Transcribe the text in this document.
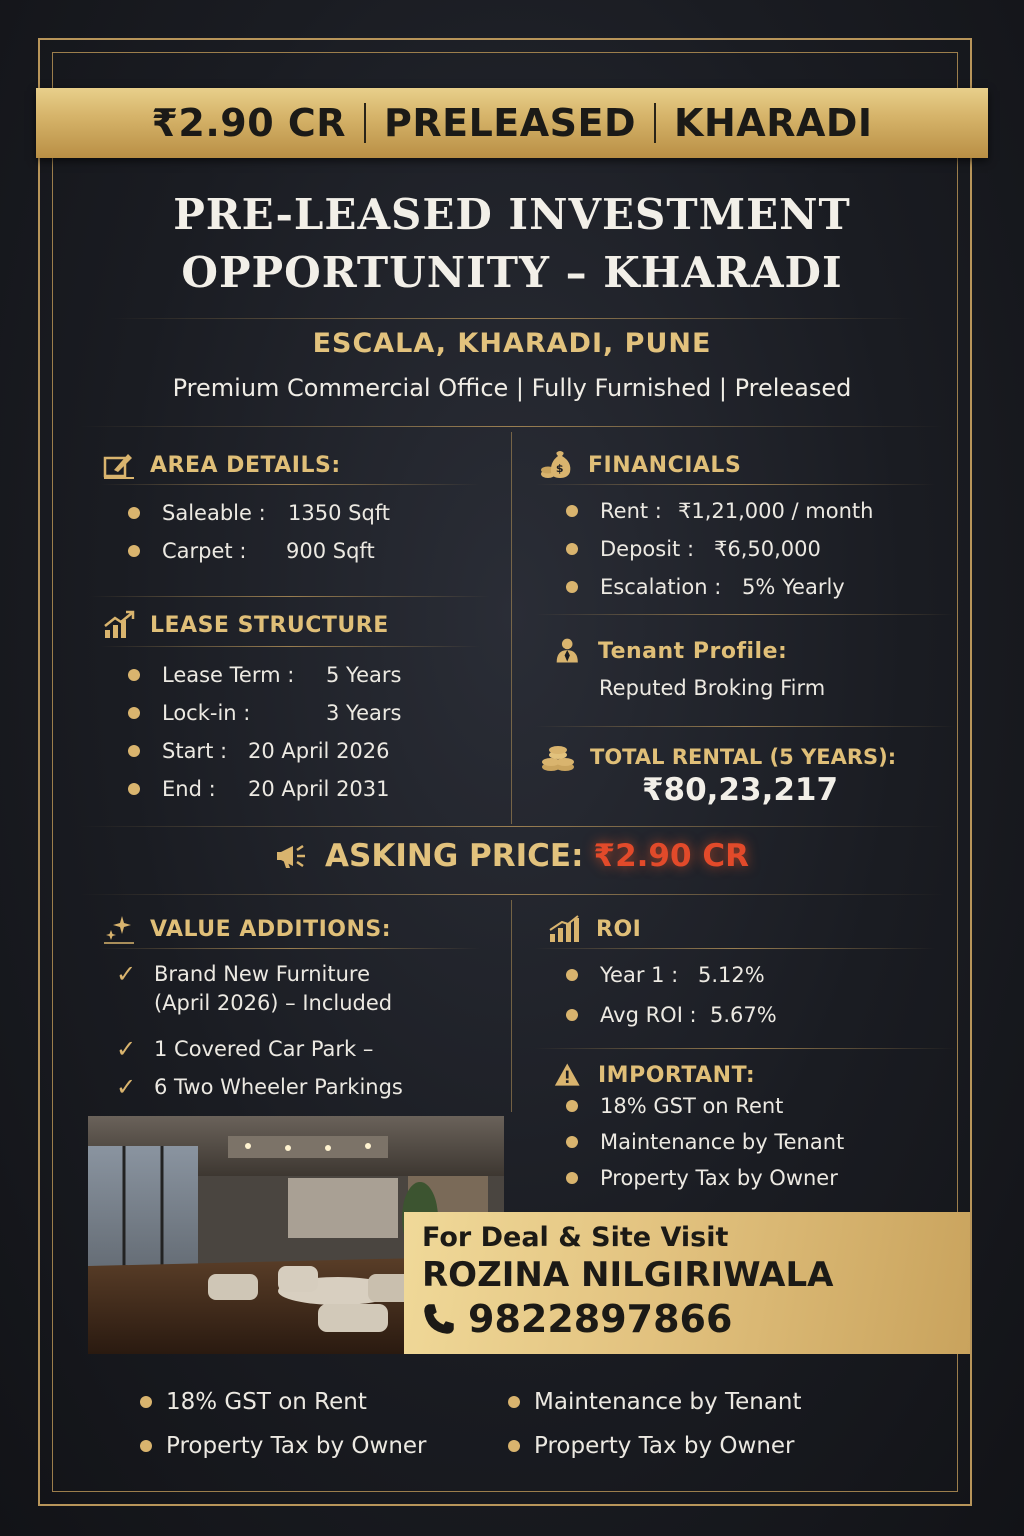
₹2.90 CR PRELEASED KHARADI
PRE-LEASED INVESTMENT
OPPORTUNITY – KHARADI
ESCALA, KHARADI, PUNE
Premium Commercial Office | Fully Furnished | Preleased
AREA DETAILS:
Saleable :	1350 Sqft
Carpet :	900 Sqft
LEASE STRUCTURE
Lease Term :	5 Years
Lock-in :	3 Years
Start : 20 April 2026
End :	20 April 2031
$ FINANCIALS
Rent : ₹1,21,000 / month
Deposit : ₹6,50,000
Escalation : 5% Yearly
Tenant Profile:
Reputed Broking Firm
TOTAL RENTAL (5 YEARS):
₹80,23,217
ASKING PRICE: ₹2.90 CR
VALUE ADDITIONS:
✓ Brand New Furniture
(April 2026) – Included
✓ 1 Covered Car Park –
✓ 6 Two Wheeler Parkings
ROI
Year 1 : 5.12%
Avg ROI : 5.67%
IMPORTANT:
18% GST on Rent
Maintenance by Tenant
Property Tax by Owner
For Deal & Site Visit
ROZINA NILGIRIWALA
9822897866
18% GST on Rent
Property Tax by Owner
Maintenance by Tenant
Property Tax by Owner
